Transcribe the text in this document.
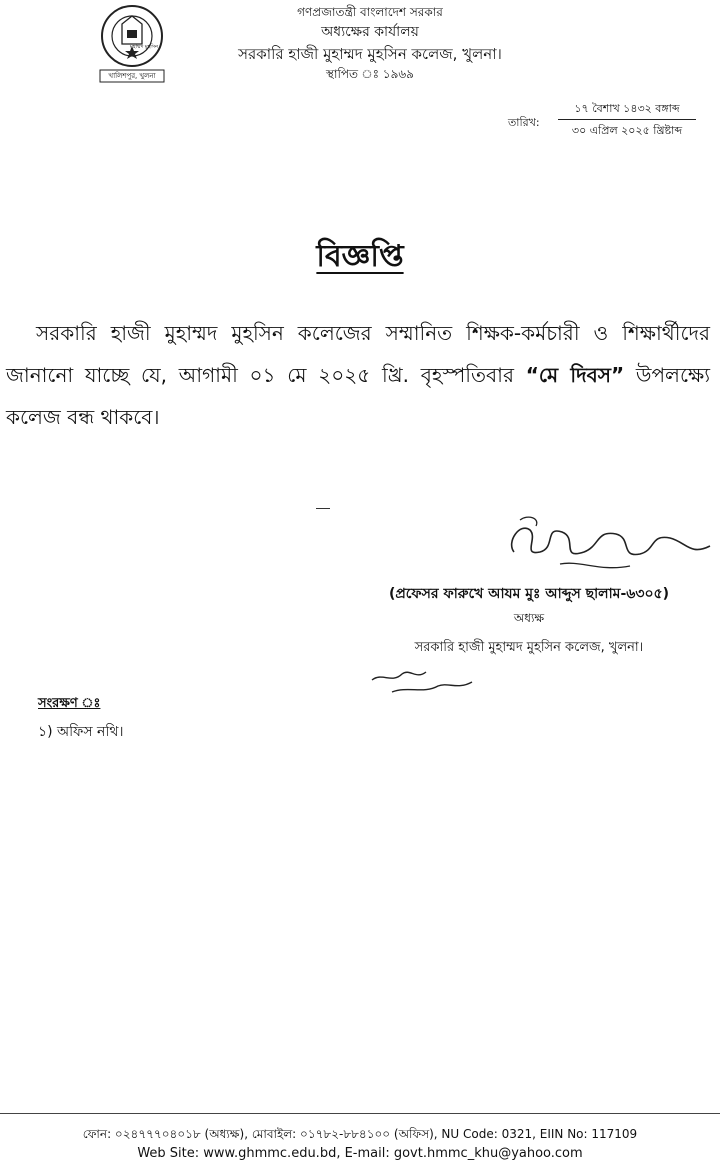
মুহাম্মদ মুহসিন
খালিশপুর, খুলনা
গণপ্রজাতন্ত্রী বাংলাদেশ সরকার
অধ্যক্ষের কার্যালয়
সরকারি হাজী মুহাম্মদ মুহসিন কলেজ, খুলনা।
স্থাপিত ঃ ১৯৬৯
তারিখ:
১৭ বৈশাখ ১৪৩২ বঙ্গাব্দ
৩০ এপ্রিল ২০২৫ খ্রিষ্টাব্দ
বিজ্ঞপ্তি
সরকারি হাজী মুহাম্মদ মুহসিন কলেজের সম্মানিত শিক্ষক-কর্মচারী ও শিক্ষার্থীদের জানানো যাচ্ছে যে, আগামী ০১ মে ২০২৫ খ্রি. বৃহস্পতিবার “মে দিবস” উপলক্ষ্যে কলেজ বন্ধ থাকবে।
(প্রফেসর ফারুখে আযম মুঃ আব্দুস ছালাম-৬৩০৫)
অধ্যক্ষ
সরকারি হাজী মুহাম্মদ মুহসিন কলেজ, খুলনা।
সংরক্ষণ ঃ
১) অফিস নথি।
ফোন: ০২৪৭৭৭০৪০১৮ (অধ্যক্ষ), মোবাইল: ০১৭৮২-৮৮৪১০০ (অফিস), NU Code: 0321, EIIN No: 117109
Web Site: www.ghmmc.edu.bd, E-mail: govt.hmmc_khu@yahoo.com
